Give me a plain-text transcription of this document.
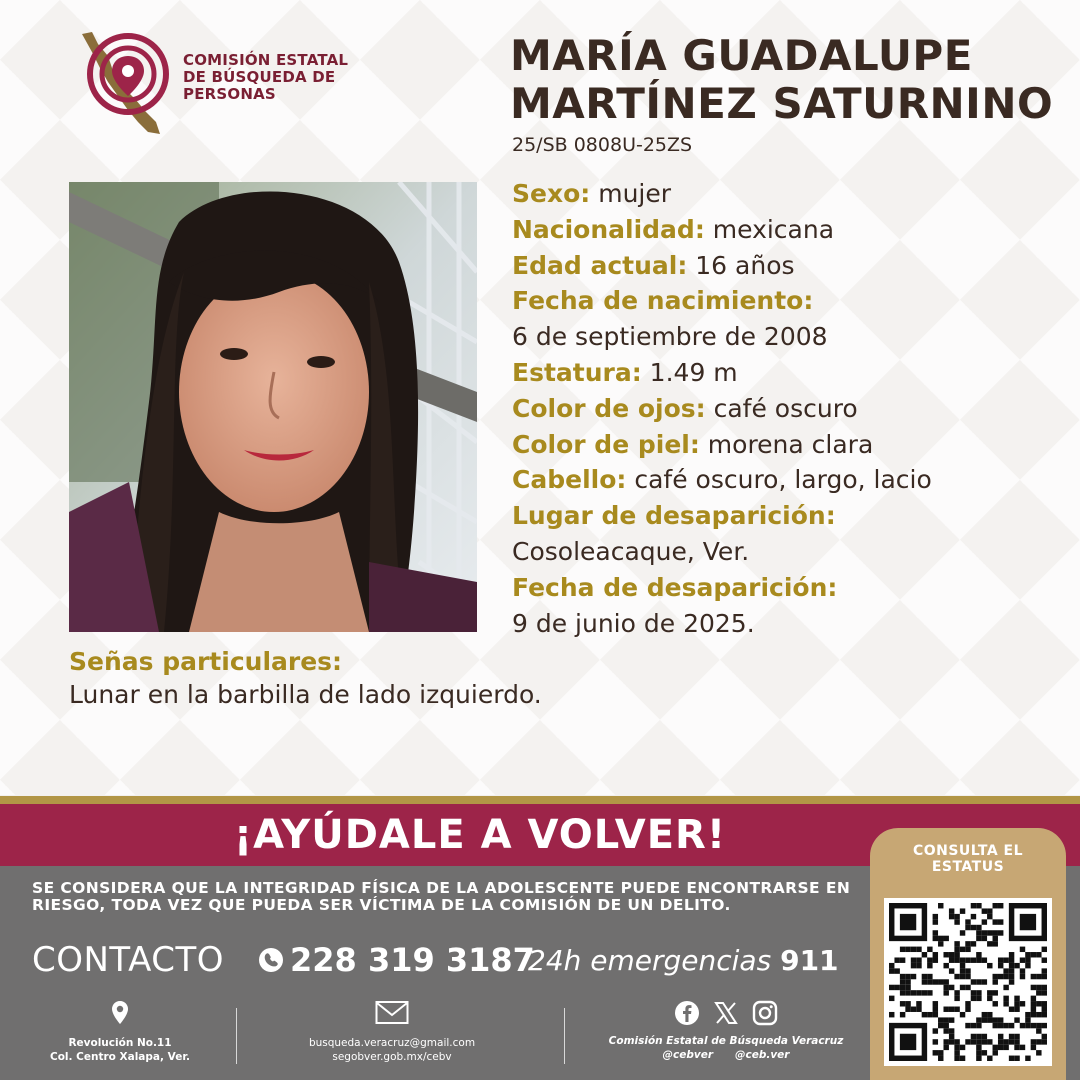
COMISIÓN ESTATAL
DE BÚSQUEDA DE
PERSONAS
MARÍA GUADALUPE
MARTÍNEZ SATURNINO
25/SB 0808U-25ZS
Sexo: mujer
Nacionalidad: mexicana
Edad actual: 16 años
Fecha de nacimiento:
6 de septiembre de 2008
Estatura: 1.49 m
Color de ojos: café oscuro
Color de piel: morena clara
Cabello: café oscuro, largo, lacio
Lugar de desaparición:
Cosoleacaque, Ver.
Fecha de desaparición:
9 de junio de 2025.
Señas particulares:
Lunar en la barbilla de lado izquierdo.
¡AYÚDALE A VOLVER!
SE CONSIDERA QUE LA INTEGRIDAD FÍSICA DE LA ADOLESCENTE PUEDE ENCONTRARSE EN
RIESGO, TODA VEZ QUE PUEDA SER VÍCTIMA DE LA COMISIÓN DE UN DELITO.
CONTACTO 228 319 3187
24h emergencias 911
Revolución No.11
Col. Centro Xalapa, Ver.
busqueda.veracruz@gmail.com
segobver.gob.mx/cebv

Comisión Estatal de Búsqueda Veracruz
@cebver      @ceb.ver
CONSULTA EL
ESTATUS
